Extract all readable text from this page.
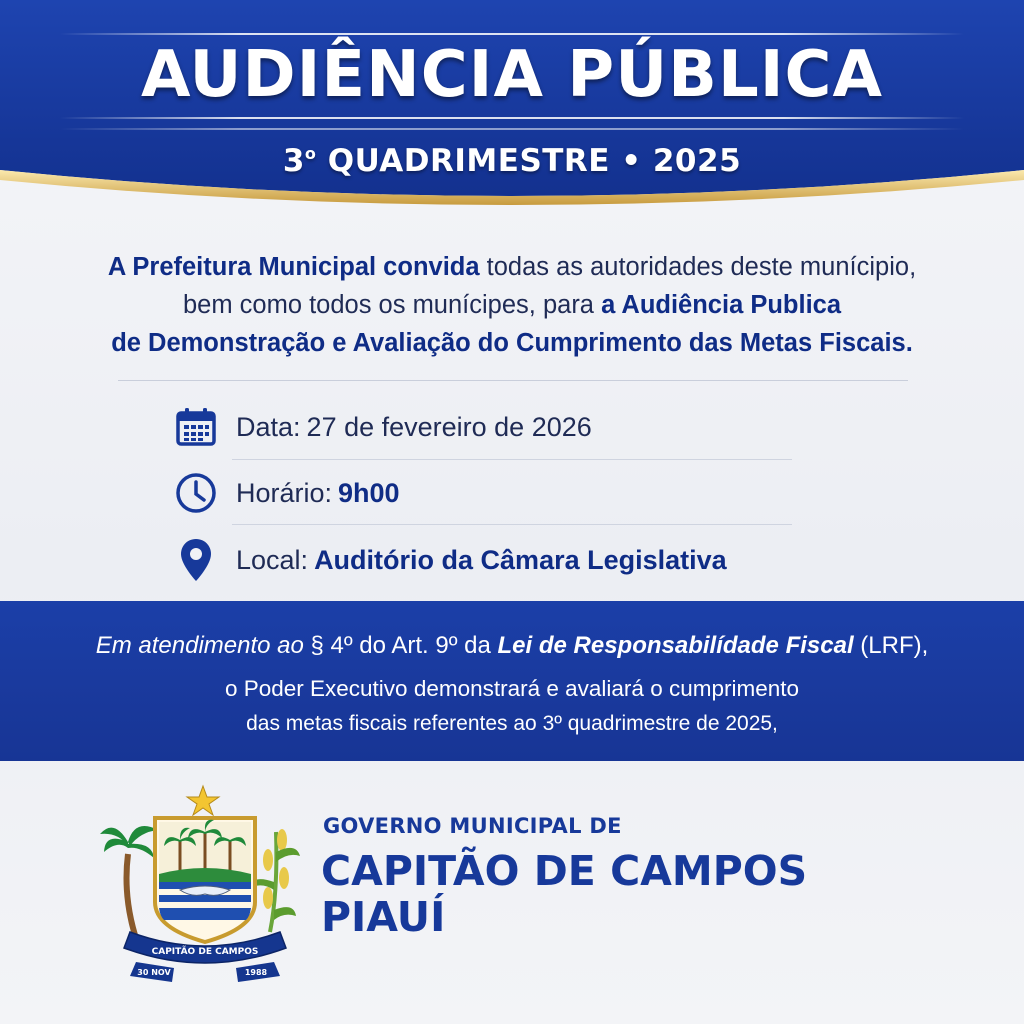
AUDIÊNCIA PÚBLICA
3$^o$ QUADRIMESTRE • 2025
A Prefeitura Municipal convida todas as autoridades deste munícipio,
bem como todos os munícipes, para a Audiência Publica
de Demonstração e Avaliação do Cumprimento das Metas Fiscais.
Data: 27 de fevereiro de 2026
Horário: 9h00
Local: Auditório da Câmara Legislativa
Em atendimento ao § 4º do Art. 9º da Lei de Responsabilídade Fiscal (LRF),
o Poder Executivo demonstrará e avaliará o cumprimento
das metas fiscais referentes ao 3º quadrimestre de 2025,
CAPITÃO DE CAMPOS
30 NOV	1988
GOVERNO MUNICIPAL DE
CAPITÃO DE CAMPOS
PIAUÍ
